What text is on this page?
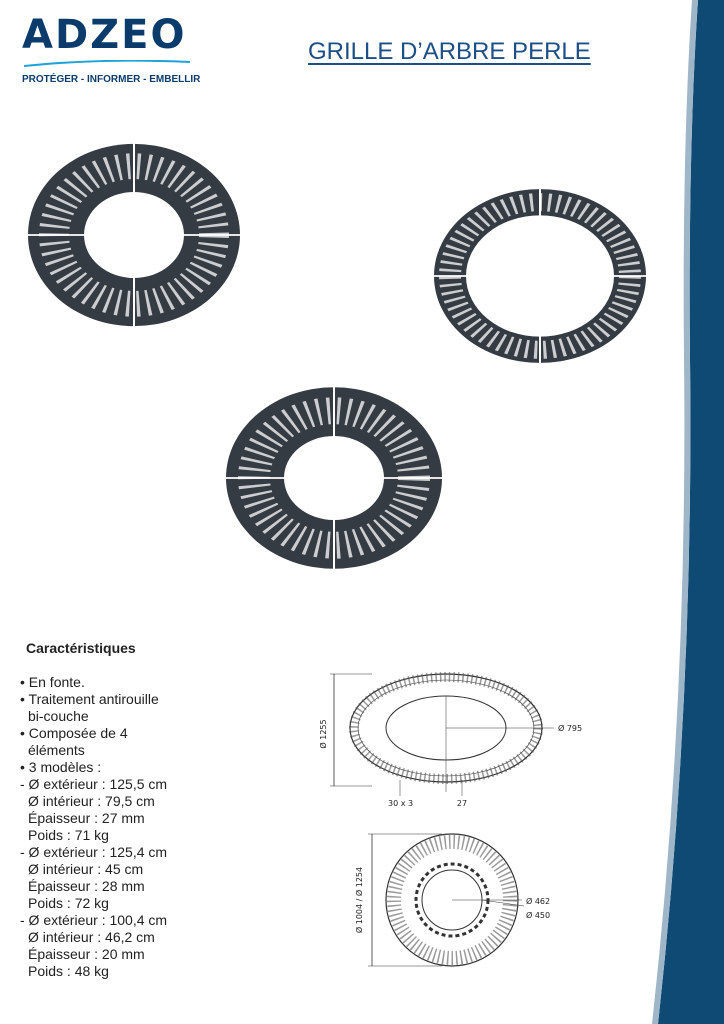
ADZEO
PROTÉGER - INFORMER - EMBELLIR
GRILLE D’ARBRE PERLE
Caractéristiques
• En fonte.
• Traitement antirouille
bi-couche
• Composée de 4
éléments
• 3 modèles :
- Ø extérieur : 125,5 cm
Ø intérieur : 79,5 cm
Épaisseur : 27 mm
Poids : 71 kg
- Ø extérieur : 125,4 cm
Ø intérieur : 45 cm
Épaisseur : 28 mm
Poids : 72 kg
- Ø extérieur : 100,4 cm
Ø intérieur : 46,2 cm
Épaisseur : 20 mm
Poids : 48 kg
Ø 1255	Ø 795
30 x 3	27
Ø 1004 / Ø 1254	Ø 462
Ø 450
